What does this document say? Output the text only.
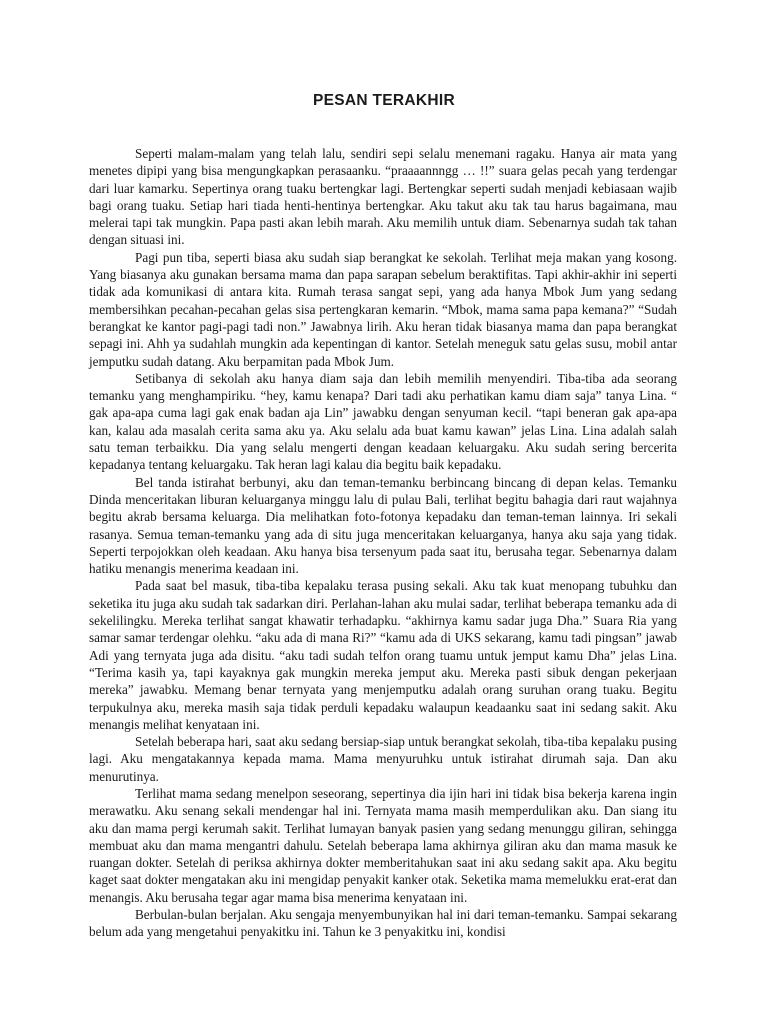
PESAN TERAKHIR

Seperti malam-malam yang telah lalu, sendiri sepi selalu menemani ragaku. Hanya air mata yang menetes dipipi yang bisa mengungkapkan perasaanku. “praaaannngg … !!” suara gelas pecah yang terdengar dari luar kamarku. Sepertinya orang tuaku bertengkar lagi. Bertengkar seperti sudah menjadi kebiasaan wajib bagi orang tuaku. Setiap hari tiada henti-hentinya bertengkar. Aku takut aku tak tau harus bagaimana, mau melerai tapi tak mungkin. Papa pasti akan lebih marah. Aku memilih untuk diam. Sebenarnya sudah tak tahan dengan situasi ini.

Pagi pun tiba, seperti biasa aku sudah siap berangkat ke sekolah. Terlihat meja makan yang kosong. Yang biasanya aku gunakan bersama mama dan papa sarapan sebelum beraktifitas. Tapi akhir-akhir ini seperti tidak ada komunikasi di antara kita. Rumah terasa sangat sepi, yang ada hanya Mbok Jum yang sedang membersihkan pecahan-pecahan gelas sisa pertengkaran kemarin. “Mbok, mama sama papa kemana?” “Sudah berangkat ke kantor pagi-pagi tadi non.” Jawabnya lirih. Aku heran tidak biasanya mama dan papa berangkat sepagi ini. Ahh ya sudahlah mungkin ada kepentingan di kantor. Setelah meneguk satu gelas susu, mobil antar jemputku sudah datang. Aku berpamitan pada Mbok Jum.

Setibanya di sekolah aku hanya diam saja dan lebih memilih menyendiri. Tiba-tiba ada seorang temanku yang menghampiriku. “hey, kamu kenapa? Dari tadi aku perhatikan kamu diam saja” tanya Lina. “ gak apa-apa cuma lagi gak enak badan aja Lin” jawabku dengan senyuman kecil. “tapi beneran gak apa-apa kan, kalau ada masalah cerita sama aku ya. Aku selalu ada buat kamu kawan” jelas Lina. Lina adalah salah satu teman terbaikku. Dia yang selalu mengerti dengan keadaan keluargaku. Aku sudah sering bercerita kepadanya tentang keluargaku. Tak heran lagi kalau dia begitu baik kepadaku.

Bel tanda istirahat berbunyi, aku dan teman-temanku berbincang bincang di depan kelas. Temanku Dinda menceritakan liburan keluarganya minggu lalu di pulau Bali, terlihat begitu bahagia dari raut wajahnya begitu akrab bersama keluarga. Dia melihatkan foto-fotonya kepadaku dan teman-teman lainnya. Iri sekali rasanya. Semua teman-temanku yang ada di situ juga menceritakan keluarganya, hanya aku saja yang tidak. Seperti terpojokkan oleh keadaan. Aku hanya bisa tersenyum pada saat itu, berusaha tegar. Sebenarnya dalam hatiku menangis menerima keadaan ini.

Pada saat bel masuk, tiba-tiba kepalaku terasa pusing sekali. Aku tak kuat menopang tubuhku dan seketika itu juga aku sudah tak sadarkan diri. Perlahan-lahan aku mulai sadar, terlihat beberapa temanku ada di sekelilingku. Mereka terlihat sangat khawatir terhadapku. “akhirnya kamu sadar juga Dha.” Suara Ria yang samar samar terdengar olehku. “aku ada di mana Ri?” “kamu ada di UKS sekarang, kamu tadi pingsan” jawab Adi yang ternyata juga ada disitu. “aku tadi sudah telfon orang tuamu untuk jemput kamu Dha” jelas Lina. “Terima kasih ya, tapi kayaknya gak mungkin mereka jemput aku. Mereka pasti sibuk dengan pekerjaan mereka” jawabku. Memang benar ternyata yang menjemputku adalah orang suruhan orang tuaku. Begitu terpukulnya aku, mereka masih saja tidak perduli kepadaku walaupun keadaanku saat ini sedang sakit. Aku menangis melihat kenyataan ini.

Setelah beberapa hari, saat aku sedang bersiap-siap untuk berangkat sekolah, tiba-tiba kepalaku pusing lagi. Aku mengatakannya kepada mama. Mama menyuruhku untuk istirahat dirumah saja. Dan aku menurutinya.

Terlihat mama sedang menelpon seseorang, sepertinya dia ijin hari ini tidak bisa bekerja karena ingin merawatku. Aku senang sekali mendengar hal ini. Ternyata mama masih memperdulikan aku. Dan siang itu aku dan mama pergi kerumah sakit. Terlihat lumayan banyak pasien yang sedang menunggu giliran, sehingga membuat aku dan mama mengantri dahulu. Setelah beberapa lama akhirnya giliran aku dan mama masuk ke ruangan dokter. Setelah di periksa akhirnya dokter memberitahukan saat ini aku sedang sakit apa. Aku begitu kaget saat dokter mengatakan aku ini mengidap penyakit kanker otak. Seketika mama memelukku erat-erat dan menangis. Aku berusaha tegar agar mama bisa menerima kenyataan ini.

Berbulan-bulan berjalan. Aku sengaja menyembunyikan hal ini dari teman-temanku. Sampai sekarang belum ada yang mengetahui penyakitku ini. Tahun ke 3 penyakitku ini, kondisi
